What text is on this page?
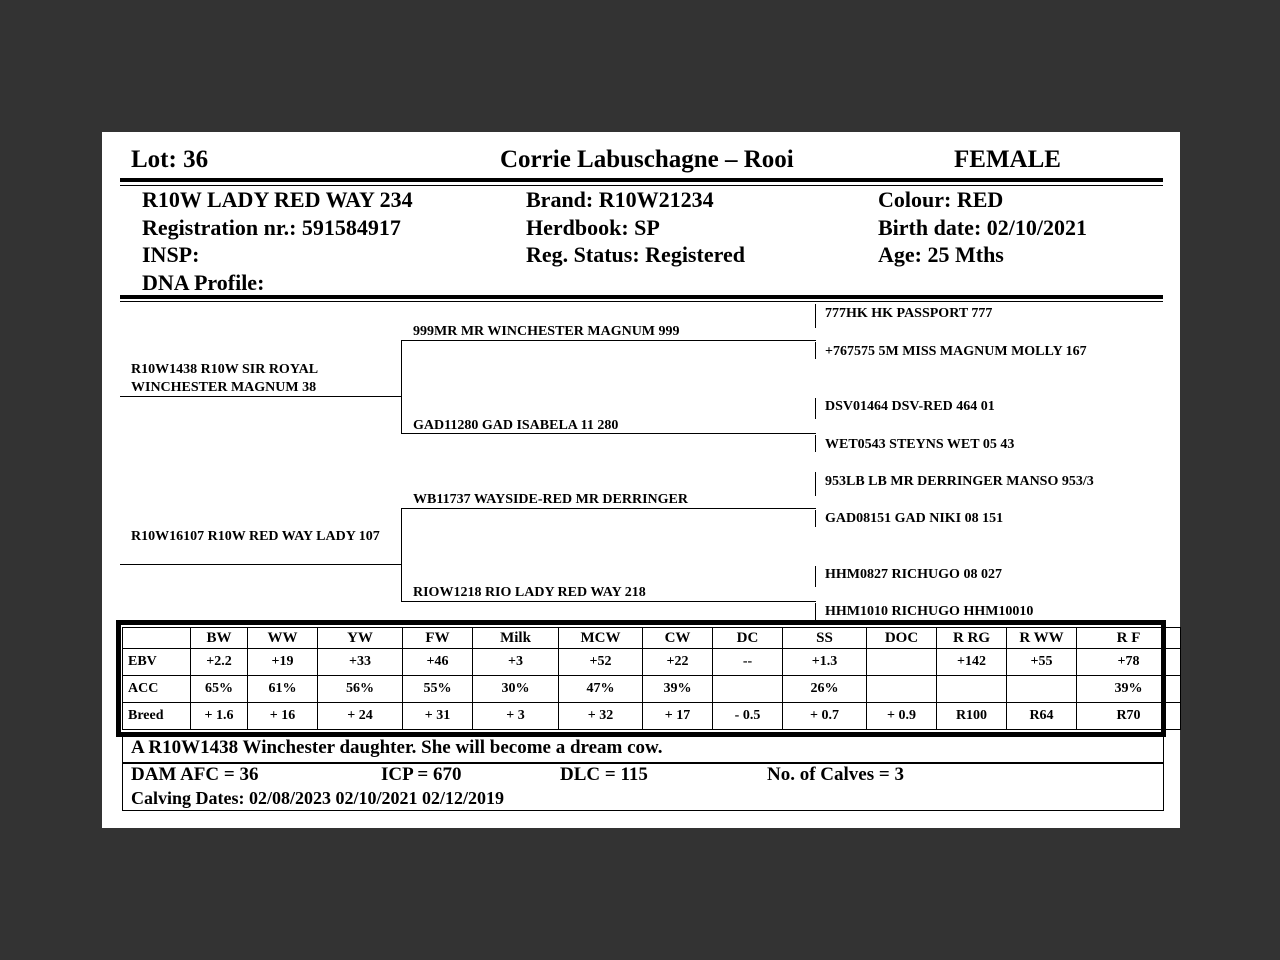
Lot: 36	Corrie Labuschagne – Rooi	FEMALE
R10W LADY RED WAY 234
Registration nr.: 591584917
INSP:
DNA Profile:
Brand: R10W21234
Herdbook: SP
Reg. Status: Registered
Colour: RED
Birth date: 02/10/2021
Age: 25 Mths
R10W1438 R10W SIR ROYAL WINCHESTER MAGNUM 38
R10W16107 R10W RED WAY LADY 107
999MR MR WINCHESTER MAGNUM 999
GAD11280 GAD ISABELA 11 280
WB11737 WAYSIDE-RED MR DERRINGER
RIOW1218 RIO LADY RED WAY 218
777HK HK PASSPORT 777
+767575 5M MISS MAGNUM MOLLY 167
DSV01464 DSV-RED 464 01
WET0543 STEYNS WET 05 43
953LB LB MR DERRINGER MANSO 953/3
GAD08151 GAD NIKI 08 151
HHM0827 RICHUGO 08 027
HHM1010 RICHUGO HHM10010
	BW	WW	YW	FW	Milk	MCW	CW	DC	SS	DOC	R RG	R WW	R F
EBV	+2.2	+19	+33	+46	+3	+52	+22	--	+1.3		+142	+55	+78
ACC	65%	61%	56%	55%	30%	47%	39%		26%				39%
Breed	+ 1.6	+ 16	+ 24	+ 31	+ 3	+ 32	+ 17	- 0.5	+ 0.7	+ 0.9	R100	R64	R70
A R10W1438 Winchester daughter. She will become a dream cow.
DAM AFC = 36	ICP = 670	DLC = 115	No. of Calves = 3
Calving Dates: 02/08/2023 02/10/2021 02/12/2019
